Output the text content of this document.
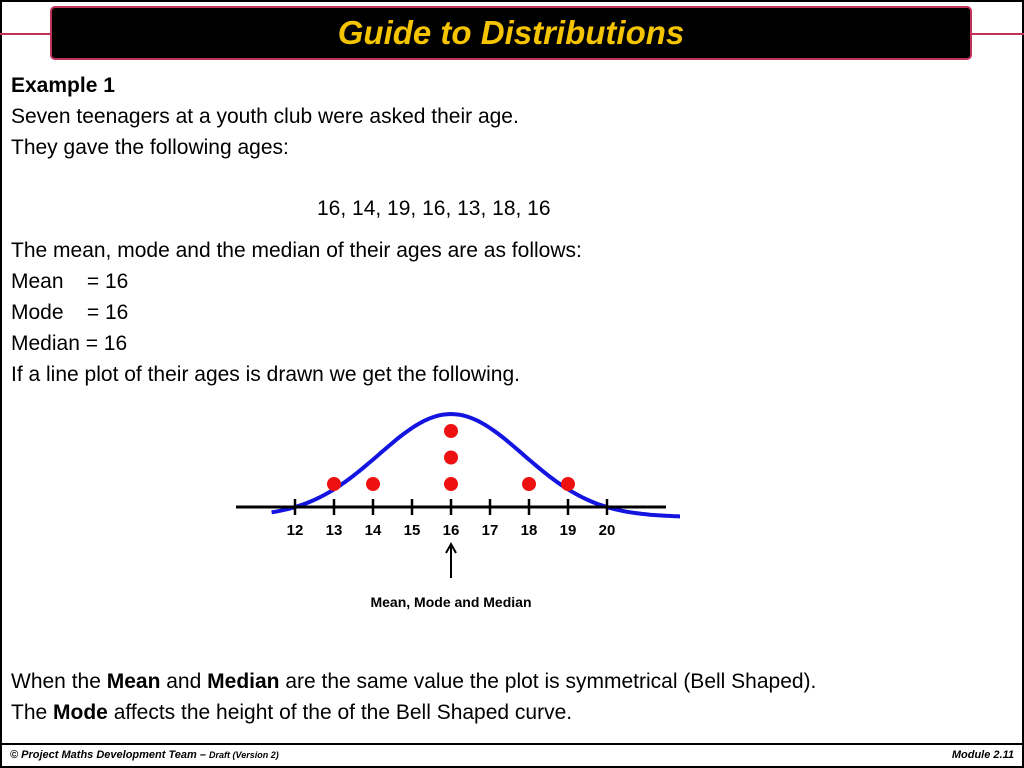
Guide to Distributions
Example 1
Seven teenagers at a youth club were asked their age.
They gave the following ages:
16, 14, 19, 16, 13, 18, 16
The mean, mode and the median of their ages are as follows:
Mean    = 16
Mode    = 16
Median = 16
If a line plot of their ages is drawn we get the following.
When the Mean and Median are the same value the plot is symmetrical (Bell Shaped).
The Mode affects the height of the of the Bell Shaped curve.
12 13 14 15 16 17 18 19 20
Mean, Mode and Median
© Project Maths Development Team – Draft (Version 2)	Module 2.11
